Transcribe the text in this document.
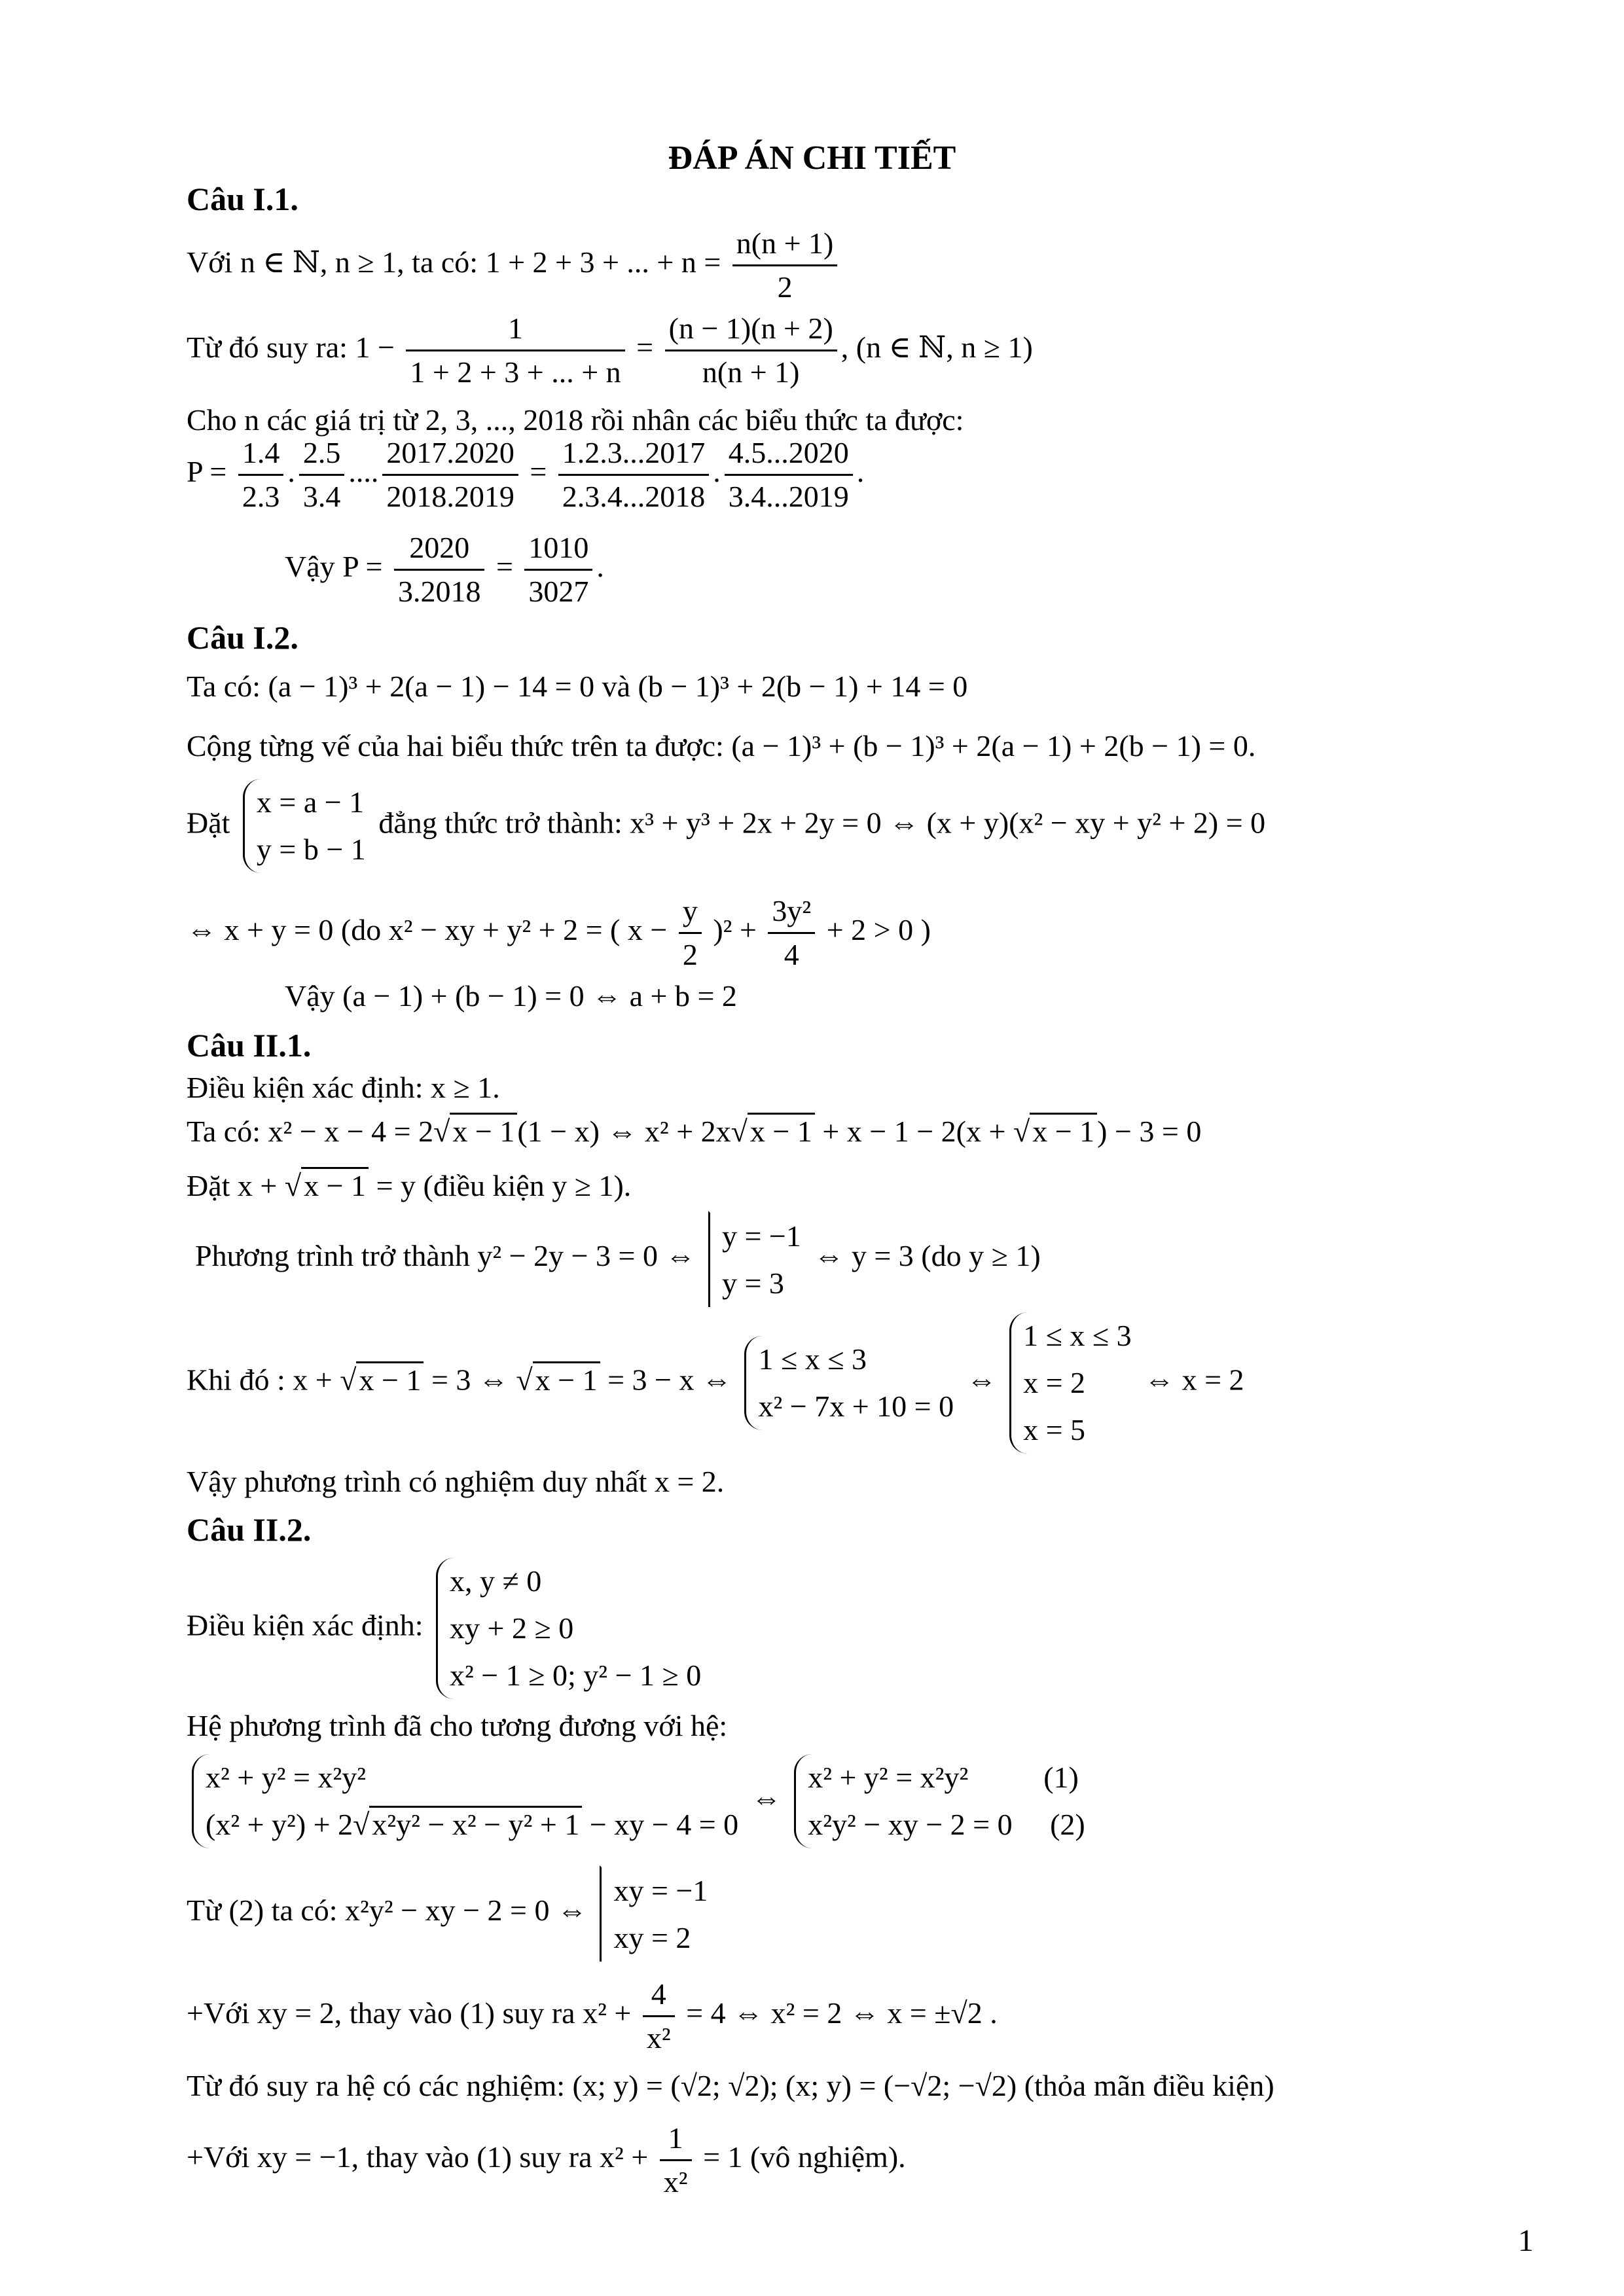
ĐÁP ÁN CHI TIẾT
Câu I.1.
Với n ∈ ℕ, n ≥ 1, ta có: 1 + 2 + 3 + ... + $n = \frac{n(n + 1)}{2}$
Từ đó suy ra: $1 - \frac{1}{1 + 2 + 3 + ... + n} = \frac{(n - 1)(n + 2)}{n(n + 1)}$ , (n ∈ ℕ, n ≥ 1)
Cho n các giá trị từ 2, 3, ..., 2018 rồi nhân các biểu thức ta được:
$P = \frac{1.4}{2.3}$ . $\frac{2.5}{3.4}$ .... $\frac{2017.2020}{2018.2019} = \frac{1.2.3...2017}{2.3.4...2018}$ . $\frac{4.5...2020}{3.4...2019}$ .
Vậy $P = \frac{2020}{3.2018} = \frac{1010}{3027}$ .
Câu I.2.
Ta có: (a − 1)³ + 2(a − 1) − 14 = 0 và (b − 1)³ + 2(b − 1) + 14 = 0
Cộng từng vế của hai biểu thức trên ta được: (a − 1)³ + (b − 1)³ + 2(a − 1) + 2(b − 1) = 0.
Đặt
x = a − 1
y = b − 1
đẳng thức trở thành: x³ + y³ + 2x + 2y = 0 ⇔ (x + y)(x² − xy + y² + 2) = 0
⇔ x + y = 0 (do x² − xy + y² + 2 = ( $x - \frac{y}{2} )^2 + \frac{\text{3y²}}{4} + 2 > 0$ )
Vậy (a − 1) + (b − 1) = 0 ⇔ a + b = 2
Câu II.1.
Điều kiện xác định: x ≥ 1.
Ta có: x² − x − 4 = 2√x − 1(1 − x) ⇔ x² + 2x√x − 1 + x − 1 − 2(x + √x − 1) − 3 = 0
Đặt x + √x − 1 = y (điều kiện y ≥ 1).
Phương trình trở thành y² − 2y − 3 = 0 ⇔
y = −1
y = 3
⇔ y = 3 (do y ≥ 1)
Khi đó : x + √x − 1 = 3 ⇔ √x − 1 = 3 − x ⇔
1 ≤ x ≤ 3
x² − 7x + 10 = 0
⇔
1 ≤ x ≤ 3
x = 2
x = 5
⇔ x = 2
Vậy phương trình có nghiệm duy nhất x = 2.
Câu II.2.
Điều kiện xác định:
x, y ≠ 0
xy + 2 ≥ 0
x² − 1 ≥ 0; y² − 1 ≥ 0
Hệ phương trình đã cho tương đương với hệ:
x² + y² = x²y²
(x² + y²) + 2√x²y² − x² − y² + 1 − xy − 4 = 0
⇔
x² + y² = x²y²          (1)
x²y² − xy − 2 = 0     (2)
Từ (2) ta có: x²y² − xy − 2 = 0 ⇔
xy = −1
xy = 2
+Với xy = 2, thay vào (1) suy ra $x^2 + \frac{4}{\text{x²}} = 4$ ⇔ x² = 2 ⇔ x = ±√2 .
Từ đó suy ra hệ có các nghiệm: (x; y) = (√2; √2); (x; y) = (−√2; −√2) (thỏa mãn điều kiện)
+Với xy = −1, thay vào (1) suy ra $x^2 + \frac{1}{\text{x²}} = 1$ (vô nghiệm).
1
